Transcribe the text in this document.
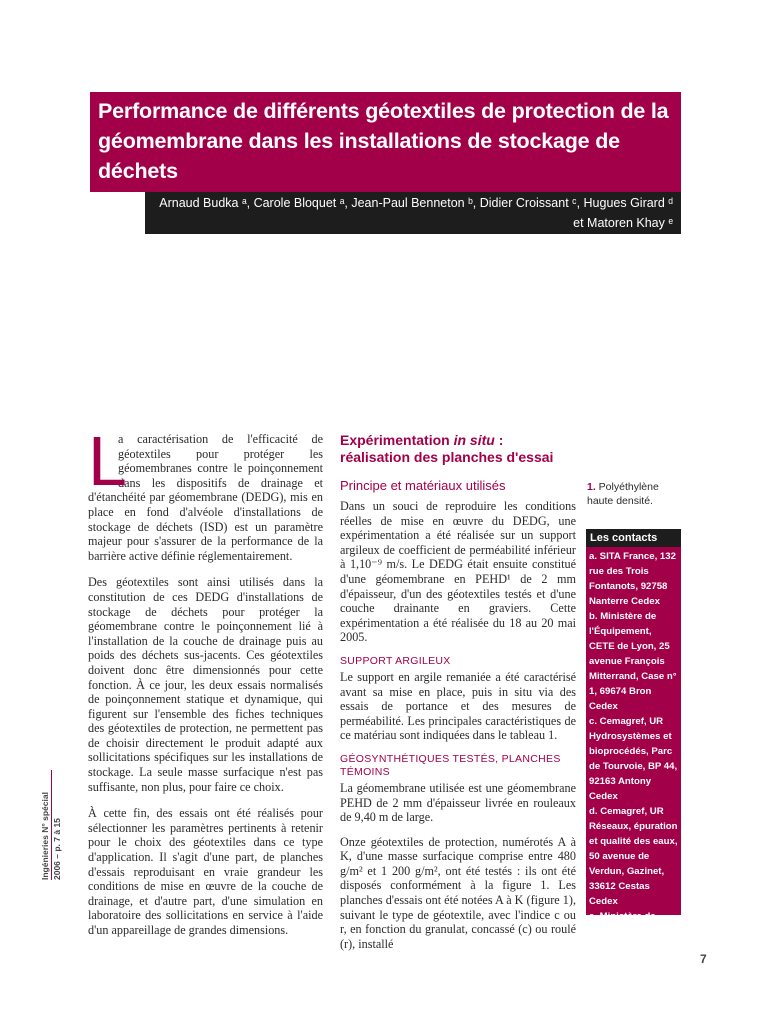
Performance de différents géotextiles de protection de la géomembrane dans les installations de stockage de déchets
Arnaud Budka ᵃ, Carole Bloquet ᵃ, Jean-Paul Benneton ᵇ, Didier Croissant ᶜ, Hugues Girard ᵈ
et Matoren Khay ᵉ

L
a caractérisation de l'efficacité de géotextiles pour protéger les géomembranes contre le poinçonnement dans les dispositifs de drainage et d'étanchéité par géomembrane (DEDG), mis en place en fond d'alvéole d'installations de stockage de déchets (ISD) est un paramètre majeur pour s'assurer de la performance de la barrière active définie réglementairement.

Des géotextiles sont ainsi utilisés dans la constitution de ces DEDG d'installations de stockage de déchets pour protéger la géomembrane contre le poinçonnement lié à l'installation de la couche de drainage puis au poids des déchets sus-jacents. Ces géotextiles doivent donc être dimensionnés pour cette fonction. À ce jour, les deux essais normalisés de poinçonnement statique et dynamique, qui figurent sur l'ensemble des fiches techniques des géotextiles de protection, ne permettent pas de choisir directement le produit adapté aux sollicitations spécifiques sur les installations de stockage. La seule masse surfacique n'est pas suffisante, non plus, pour faire ce choix.

À cette fin, des essais ont été réalisés pour sélectionner les paramètres pertinents à retenir pour le choix des géotextiles dans ce type d'application. Il s'agit d'une part, de planches d'essais reproduisant en vraie grandeur les conditions de mise en œuvre de la couche de drainage, et d'autre part, d'une simulation en laboratoire des sollicitations en service à l'aide d'un appareillage de grandes dimensions.

Expérimentation in situ : réalisation des planches d'essai
Principe et matériaux utilisés

Dans un souci de reproduire les conditions réelles de mise en œuvre du DEDG, une expérimentation a été réalisée sur un support argileux de coefficient de perméabilité inférieur à 1,10⁻⁹ m/s. Le DEDG était ensuite constitué d'une géomembrane en PEHD¹ de 2 mm d'épaisseur, d'un des géotextiles testés et d'une couche drainante en graviers. Cette expérimentation a été réalisée du 18 au 20 mai 2005.

SUPPORT ARGILEUX

Le support en argile remaniée a été caractérisé avant sa mise en place, puis in situ via des essais de portance et des mesures de perméabilité. Les principales caractéristiques de ce matériau sont indiquées dans le tableau 1.

GÉOSYNTHÉTIQUES TESTÉS, PLANCHES TÉMOINS

La géomembrane utilisée est une géomembrane PEHD de 2 mm d'épaisseur livrée en rouleaux de 9,40 m de large.

Onze géotextiles de protection, numérotés A à K, d'une masse surfacique comprise entre 480 g/m² et 1 200 g/m², ont été testés : ils ont été disposés conformément à la figure 1. Les planches d'essais ont été notées A à K (figure 1), suivant le type de géotextile, avec l'indice c ou r, en fonction du granulat, concassé (c) ou roulé (r), installé

1. Polyéthylène haute densité.
Les contacts
a. SITA France, 132 rue des Trois Fontanots, 92758 Nanterre Cedex
b. Ministère de l'Équipement, CETE de Lyon, 25 avenue François Mitterrand, Case n° 1, 69674 Bron Cedex
c. Cemagref, UR Hydrosystèmes et bioprocédés, Parc de Tourvoie, BP 44, 92163 Antony Cedex
d. Cemagref, UR Réseaux, épuration et qualité des eaux, 50 avenue de Verdun, Gazinet, 33612 Cestas Cedex
e. Ministère de l'Équipement, CETE Normandie, CER, BP 245, 76121 Grand Quevilly
Ingénieries N° spécial 2006 – p. 7 à 15
7
